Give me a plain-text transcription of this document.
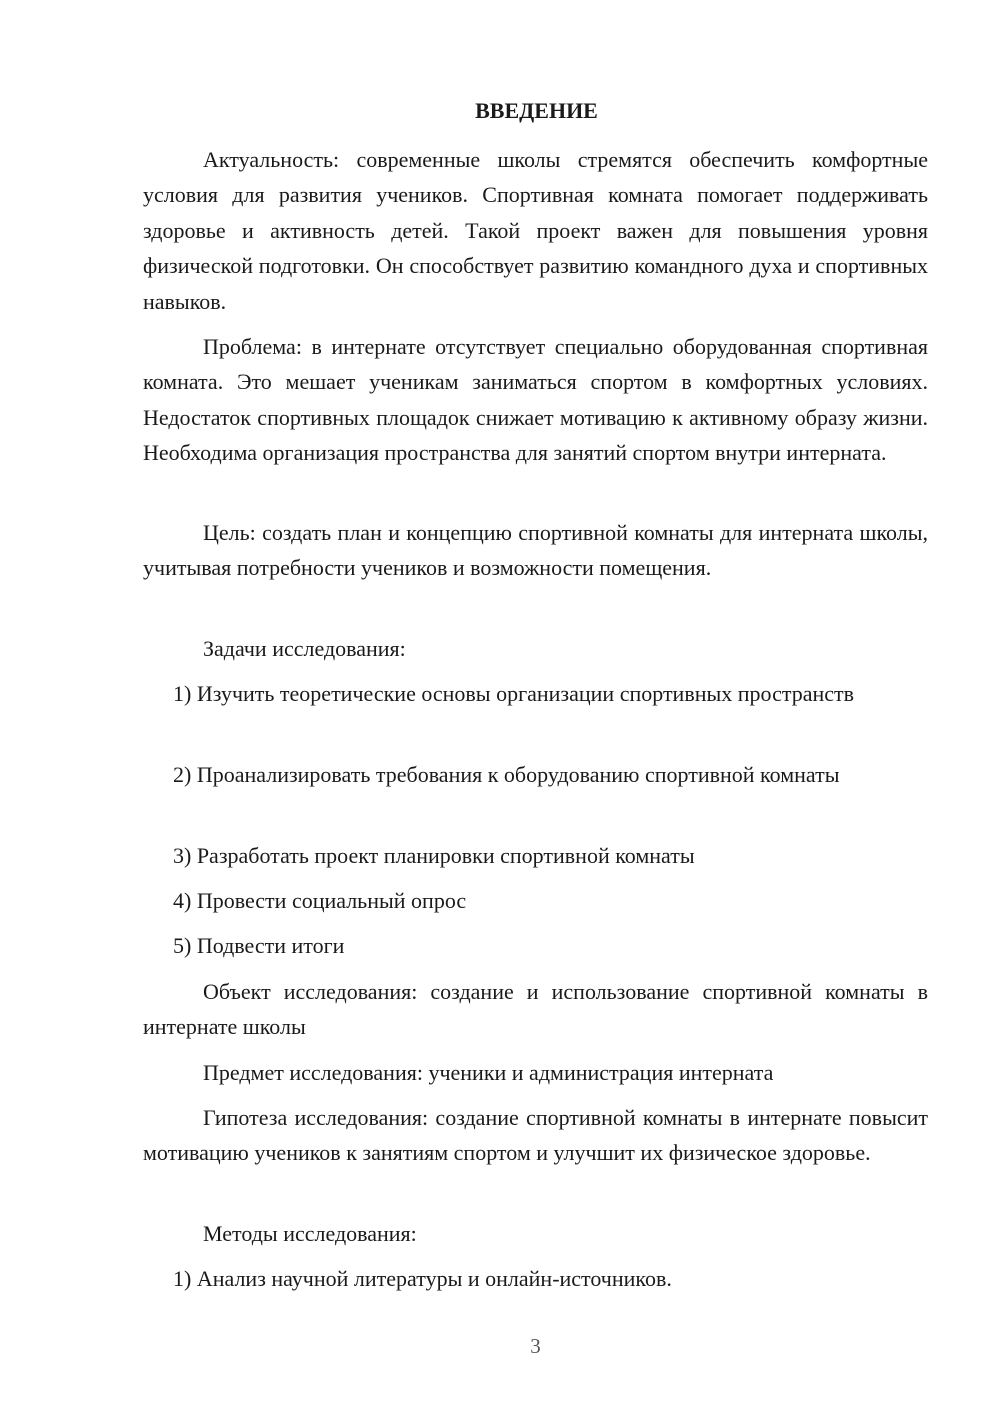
ВВЕДЕНИЕ

Актуальность: современные школы стремятся обеспечить комфортные условия для развития учеников. Спортивная комната помогает поддерживать здоровье и активность детей. Такой проект важен для повышения уровня физической подготовки. Он способствует развитию командного духа и спортивных навыков.

Проблема: в интернате отсутствует специально оборудованная спортивная комната. Это мешает ученикам заниматься спортом в комфортных условиях. Недостаток спортивных площадок снижает мотивацию к активному образу жизни. Необходима организация пространства для занятий спортом внутри интерната.

Цель: создать план и концепцию спортивной комнаты для интерната школы, учитывая потребности учеников и возможности помещения.

Задачи исследования:

1) Изучить теоретические основы организации спортивных пространств

2) Проанализировать требования к оборудованию спортивной комнаты

3) Разработать проект планировки спортивной комнаты

4) Провести социальный опрос

5) Подвести итоги

Объект исследования: создание и использование спортивной комнаты в интернате школы

Предмет исследования: ученики и администрация интерната

Гипотеза исследования: создание спортивной комнаты в интернате повысит мотивацию учеников к занятиям спортом и улучшит их физическое здоровье.

Методы исследования:

1) Анализ научной литературы и онлайн-источников.

3
